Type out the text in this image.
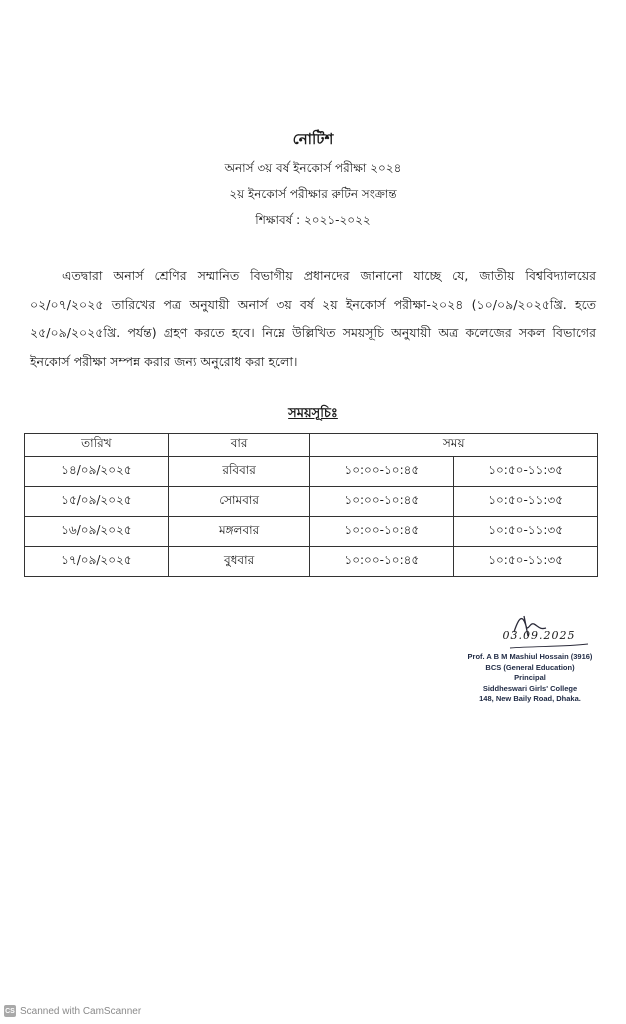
নোটিশ
অনার্স ৩য় বর্ষ ইনকোর্স পরীক্ষা ২০২৪
২য় ইনকোর্স পরীক্ষার রুটিন সংক্রান্ত
শিক্ষাবর্ষ : ২০২১-২০২২

এতদ্বারা অনার্স শ্রেণির সম্মানিত বিভাগীয় প্রধানদের জানানো যাচ্ছে যে, জাতীয় বিশ্ববিদ্যালয়ের ০২/০৭/২০২৫ তারিখের পত্র অনুযায়ী অনার্স ৩য় বর্ষ ২য় ইনকোর্স পরীক্ষা-২০২৪ (১০/০৯/২০২৫খ্রি. হতে ২৫/০৯/২০২৫খ্রি. পর্যন্ত) গ্রহণ করতে হবে। নিম্নে উল্লিখিত সময়সূচি অনুযায়ী অত্র কলেজের সকল বিভাগের ইনকোর্স পরীক্ষা সম্পন্ন করার জন্য অনুরোধ করা হলো।

সময়সূচিঃ
তারিখ	বার	সময়	
১৪/০৯/২০২৫	রবিবার	১০:০০-১০:৪৫	১০:৫০-১১:৩৫
১৫/০৯/২০২৫	সোমবার	১০:০০-১০:৪৫	১০:৫০-১১:৩৫
১৬/০৯/২০২৫	মঙ্গলবার	১০:০০-১০:৪৫	১০:৫০-১১:৩৫
১৭/০৯/২০২৫	বুধবার	১০:০০-১০:৪৫	১০:৫০-১১:৩৫
03.09.2025
Prof. A B M Mashiul Hossain (3916)
BCS (General Education)
Principal
Siddheswari Girls' College
148, New Baily Road, Dhaka.
CS Scanned with CamScanner
